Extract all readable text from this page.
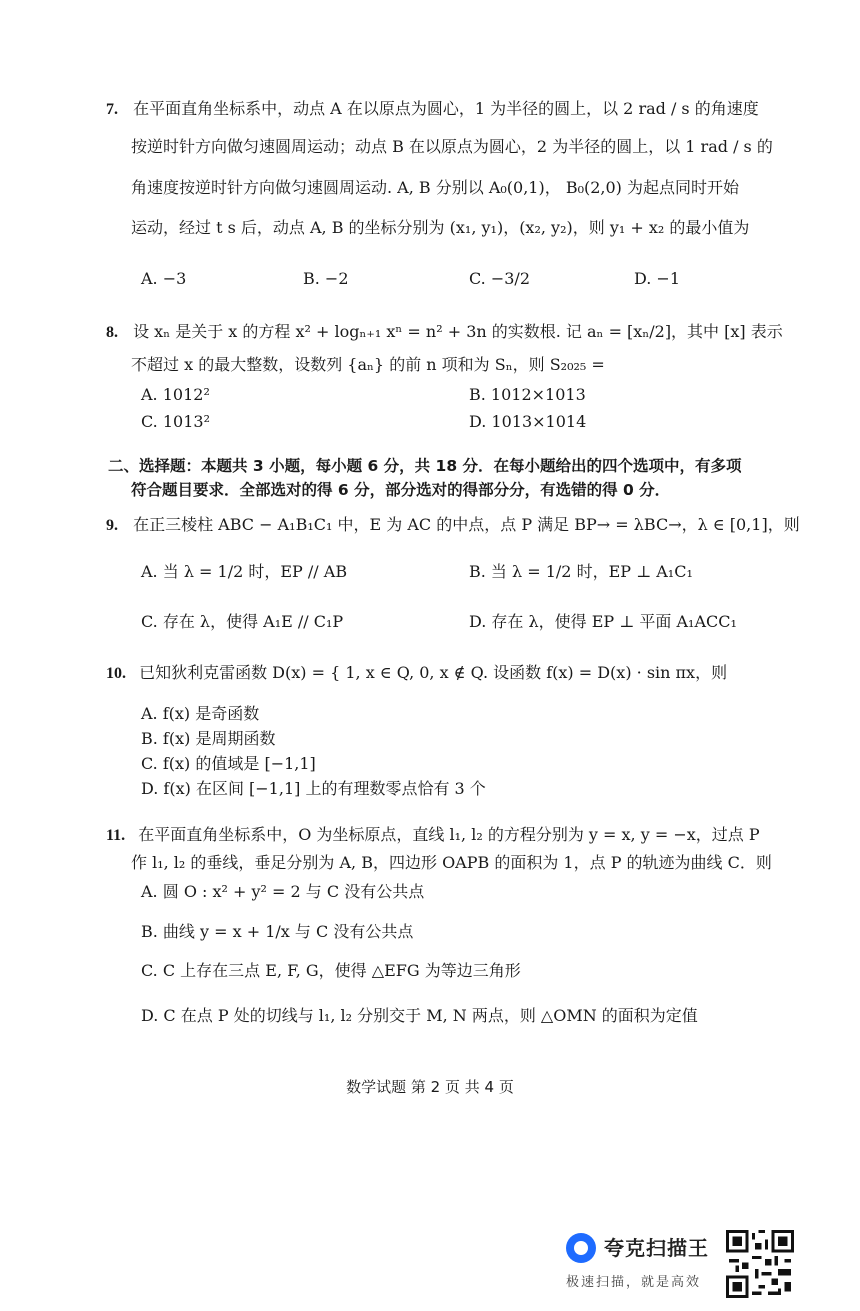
7. 在平面直角坐标系中，动点 A 在以原点为圆心，1 为半径的圆上，以 2 rad / s 的角速度
按逆时针方向做匀速圆周运动；动点 B 在以原点为圆心，2 为半径的圆上，以 1 rad / s 的
角速度按逆时针方向做匀速圆周运动. A, B 分别以 A₀(0,1)， B₀(2,0) 为起点同时开始
运动，经过 t s 后，动点 A, B 的坐标分别为 (x₁, y₁)，(x₂, y₂)，则 y₁ + x₂ 的最小值为
A. −3	B. −2	C. −3/2	D. −1
8. 设 xₙ 是关于 x 的方程 x² + logₙ₊₁ xⁿ = n² + 3n 的实数根. 记 aₙ = [xₙ/2]，其中 [x] 表示
不超过 x 的最大整数，设数列 {aₙ} 的前 n 项和为 Sₙ，则 S₂₀₂₅ =
A. 1012²	B. 1012×1013
C. 1013²	D. 1013×1014
二、选择题：本题共 3 小题，每小题 6 分，共 18 分．在每小题给出的四个选项中，有多项
符合题目要求．全部选对的得 6 分，部分选对的得部分分，有选错的得 0 分．
9. 在正三棱柱 ABC − A₁B₁C₁ 中，E 为 AC 的中点，点 P 满足 BP→ = λBC→，λ ∈ [0,1]，则
A. 当 λ = 1/2 时，EP // AB	B. 当 λ = 1/2 时，EP ⊥ A₁C₁
C. 存在 λ，使得 A₁E // C₁P	D. 存在 λ，使得 EP ⊥ 平面 A₁ACC₁
10. 已知狄利克雷函数 D(x) = { 1, x ∈ Q, 0, x ∉ Q. 设函数 f(x) = D(x) · sin πx，则
A. f(x) 是奇函数
B. f(x) 是周期函数
C. f(x) 的值域是 [−1,1]
D. f(x) 在区间 [−1,1] 上的有理数零点恰有 3 个
11. 在平面直角坐标系中，O 为坐标原点，直线 l₁, l₂ 的方程分别为 y = x, y = −x，过点 P
作 l₁, l₂ 的垂线，垂足分别为 A, B，四边形 OAPB 的面积为 1，点 P 的轨迹为曲线 C．则
A. 圆 O : x² + y² = 2 与 C 没有公共点
B. 曲线 y = x + 1/x 与 C 没有公共点
C. C 上存在三点 E, F, G，使得 △EFG 为等边三角形
D. C 在点 P 处的切线与 l₁, l₂ 分别交于 M, N 两点，则 △OMN 的面积为定值
数学试题 第 2 页 共 4 页
夸克扫描王
极速扫描，就是高效
